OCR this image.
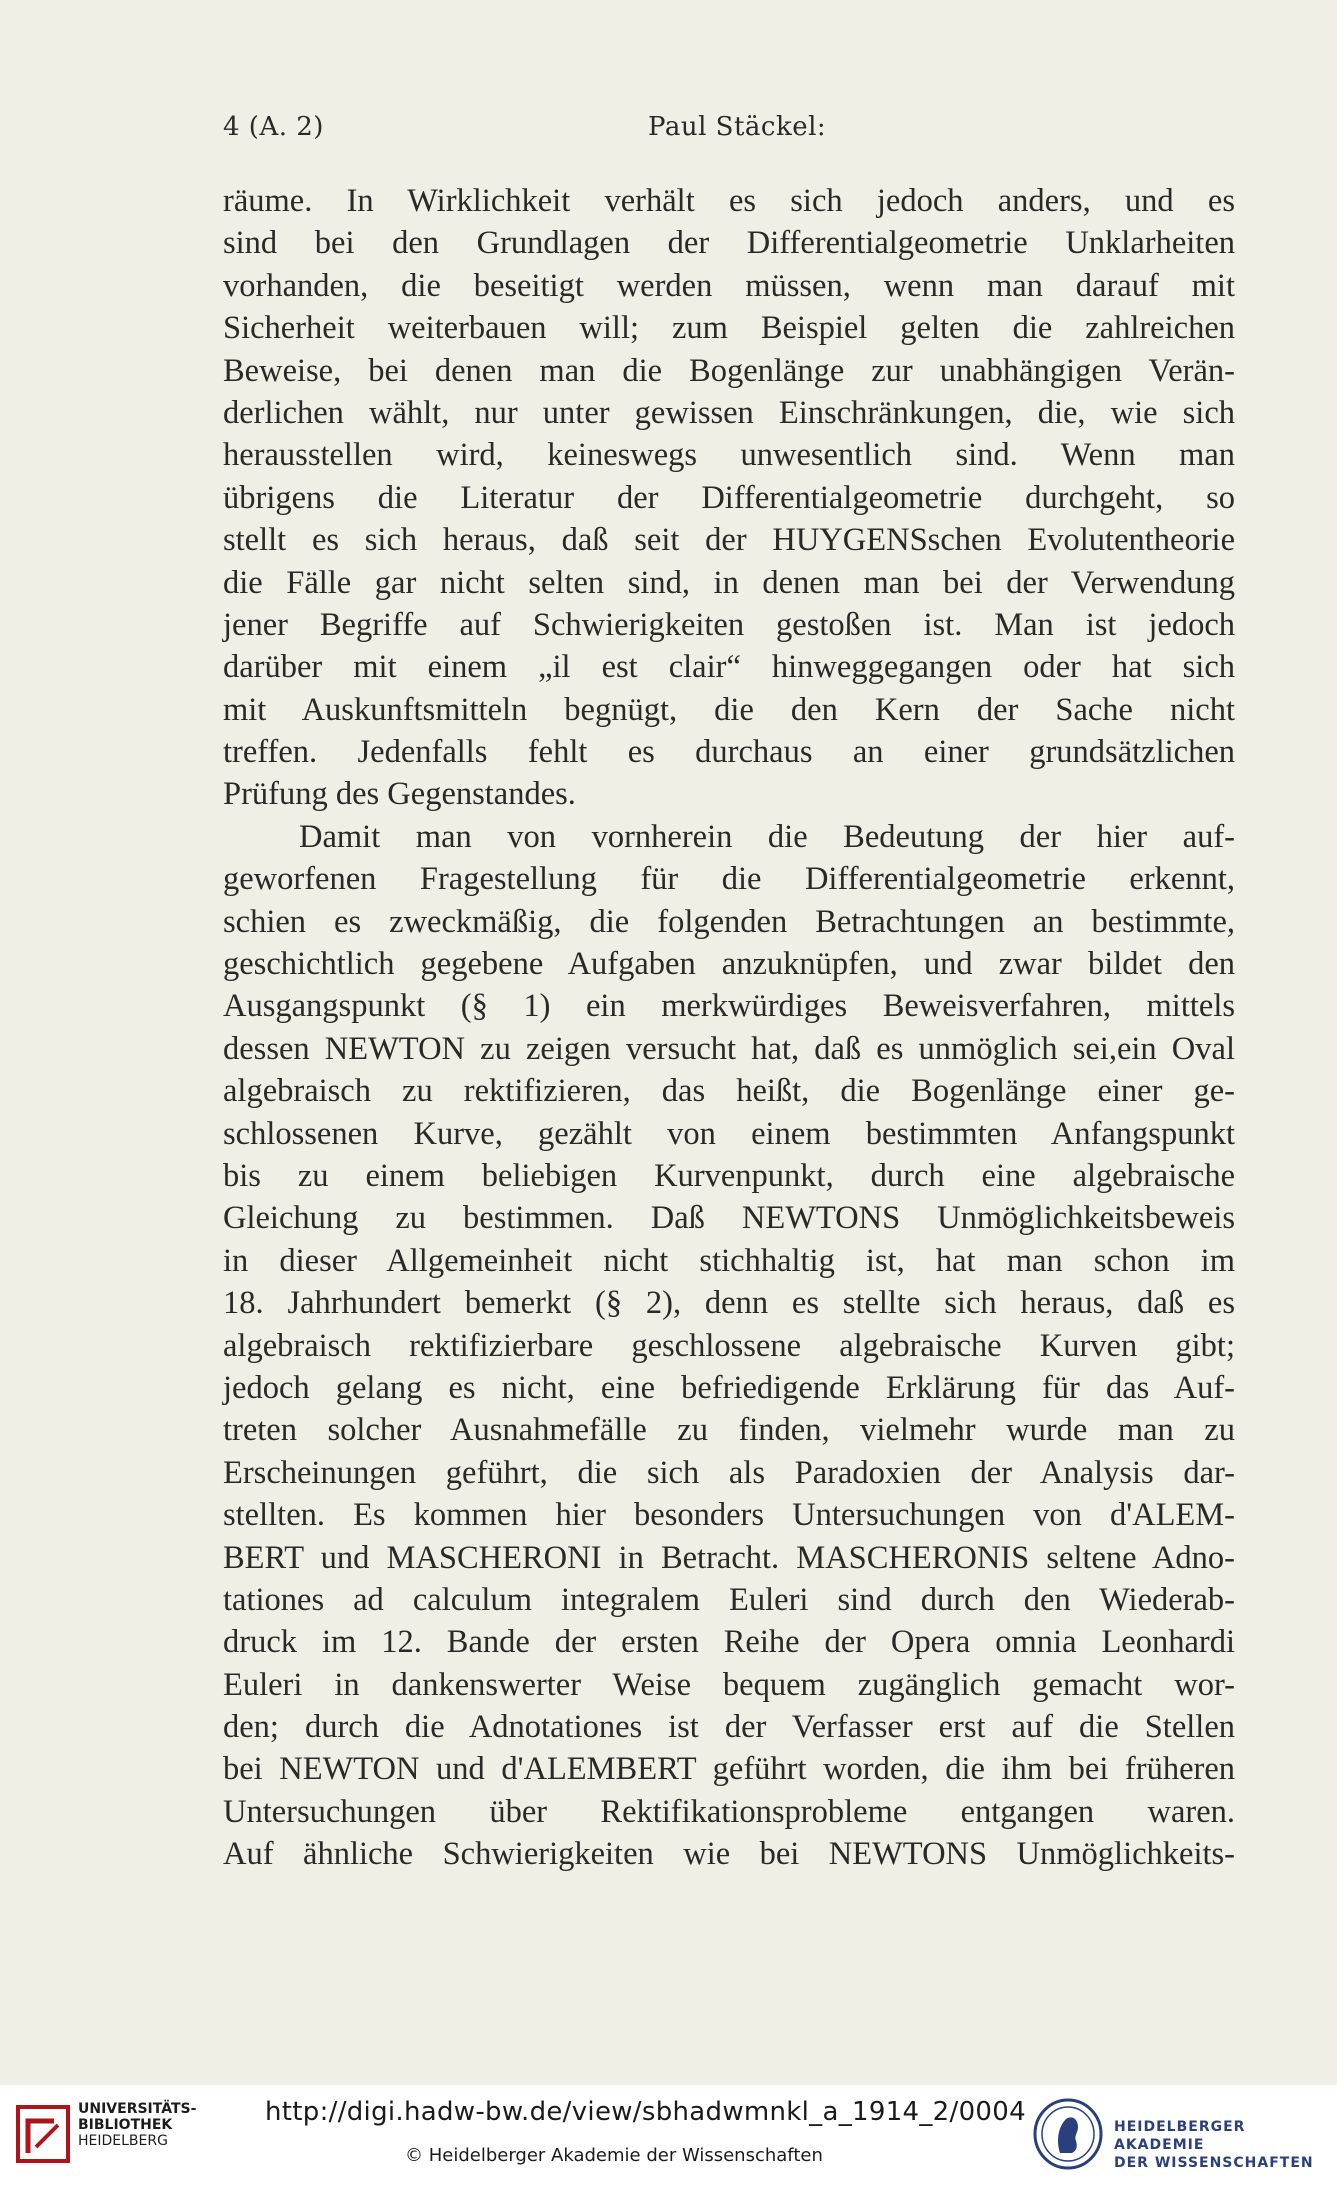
4 (A. 2)	Paul Stäckel:
räume. In Wirklichkeit verhält es sich jedoch anders, und es
sind bei den Grundlagen der Differentialgeometrie Unklarheiten
vorhanden, die beseitigt werden müssen, wenn man darauf mit
Sicherheit weiterbauen will; zum Beispiel gelten die zahlreichen
Beweise, bei denen man die Bogenlänge zur unabhängigen Verän-
derlichen wählt, nur unter gewissen Einschränkungen, die, wie sich
herausstellen wird, keineswegs unwesentlich sind. Wenn man
übrigens die Literatur der Differentialgeometrie durchgeht, so
stellt es sich heraus, daß seit der HUYGENSschen Evolutentheorie
die Fälle gar nicht selten sind, in denen man bei der Verwendung
jener Begriffe auf Schwierigkeiten gestoßen ist. Man ist jedoch
darüber mit einem „il est clair“ hinweggegangen oder hat sich
mit Auskunftsmitteln begnügt, die den Kern der Sache nicht
treffen. Jedenfalls fehlt es durchaus an einer grundsätzlichen
Prüfung des Gegenstandes.
Damit man von vornherein die Bedeutung der hier auf-
geworfenen Fragestellung für die Differentialgeometrie erkennt,
schien es zweckmäßig, die folgenden Betrachtungen an bestimmte,
geschichtlich gegebene Aufgaben anzuknüpfen, und zwar bildet den
Ausgangspunkt (§ 1) ein merkwürdiges Beweisverfahren, mittels
dessen NEWTON zu zeigen versucht hat, daß es unmöglich sei,ein Oval
algebraisch zu rektifizieren, das heißt, die Bogenlänge einer ge-
schlossenen Kurve, gezählt von einem bestimmten Anfangspunkt
bis zu einem beliebigen Kurvenpunkt, durch eine algebraische
Gleichung zu bestimmen. Daß NEWTONS Unmöglichkeitsbeweis
in dieser Allgemeinheit nicht stichhaltig ist, hat man schon im
18. Jahrhundert bemerkt (§ 2), denn es stellte sich heraus, daß es
algebraisch rektifizierbare geschlossene algebraische Kurven gibt;
jedoch gelang es nicht, eine befriedigende Erklärung für das Auf-
treten solcher Ausnahmefälle zu finden, vielmehr wurde man zu
Erscheinungen geführt, die sich als Paradoxien der Analysis dar-
stellten. Es kommen hier besonders Untersuchungen von d'ALEM-
BERT und MASCHERONI in Betracht. MASCHERONIS seltene Adno-
tationes ad calculum integralem Euleri sind durch den Wiederab-
druck im 12. Bande der ersten Reihe der Opera omnia Leonhardi
Euleri in dankenswerter Weise bequem zugänglich gemacht wor-
den; durch die Adnotationes ist der Verfasser erst auf die Stellen
bei NEWTON und d'ALEMBERT geführt worden, die ihm bei früheren
Untersuchungen über Rektifikationsprobleme entgangen waren.
Auf ähnliche Schwierigkeiten wie bei NEWTONS Unmöglichkeits-
UNIVERSITÄTS-
BIBLIOTHEK
HEIDELBERG
http://digi.hadw-bw.de/view/sbhadwmnkl_a_1914_2/0004
© Heidelberger Akademie der Wissenschaften
HEIDELBERGER AKADEMIE
DER WISSENSCHAFTEN
